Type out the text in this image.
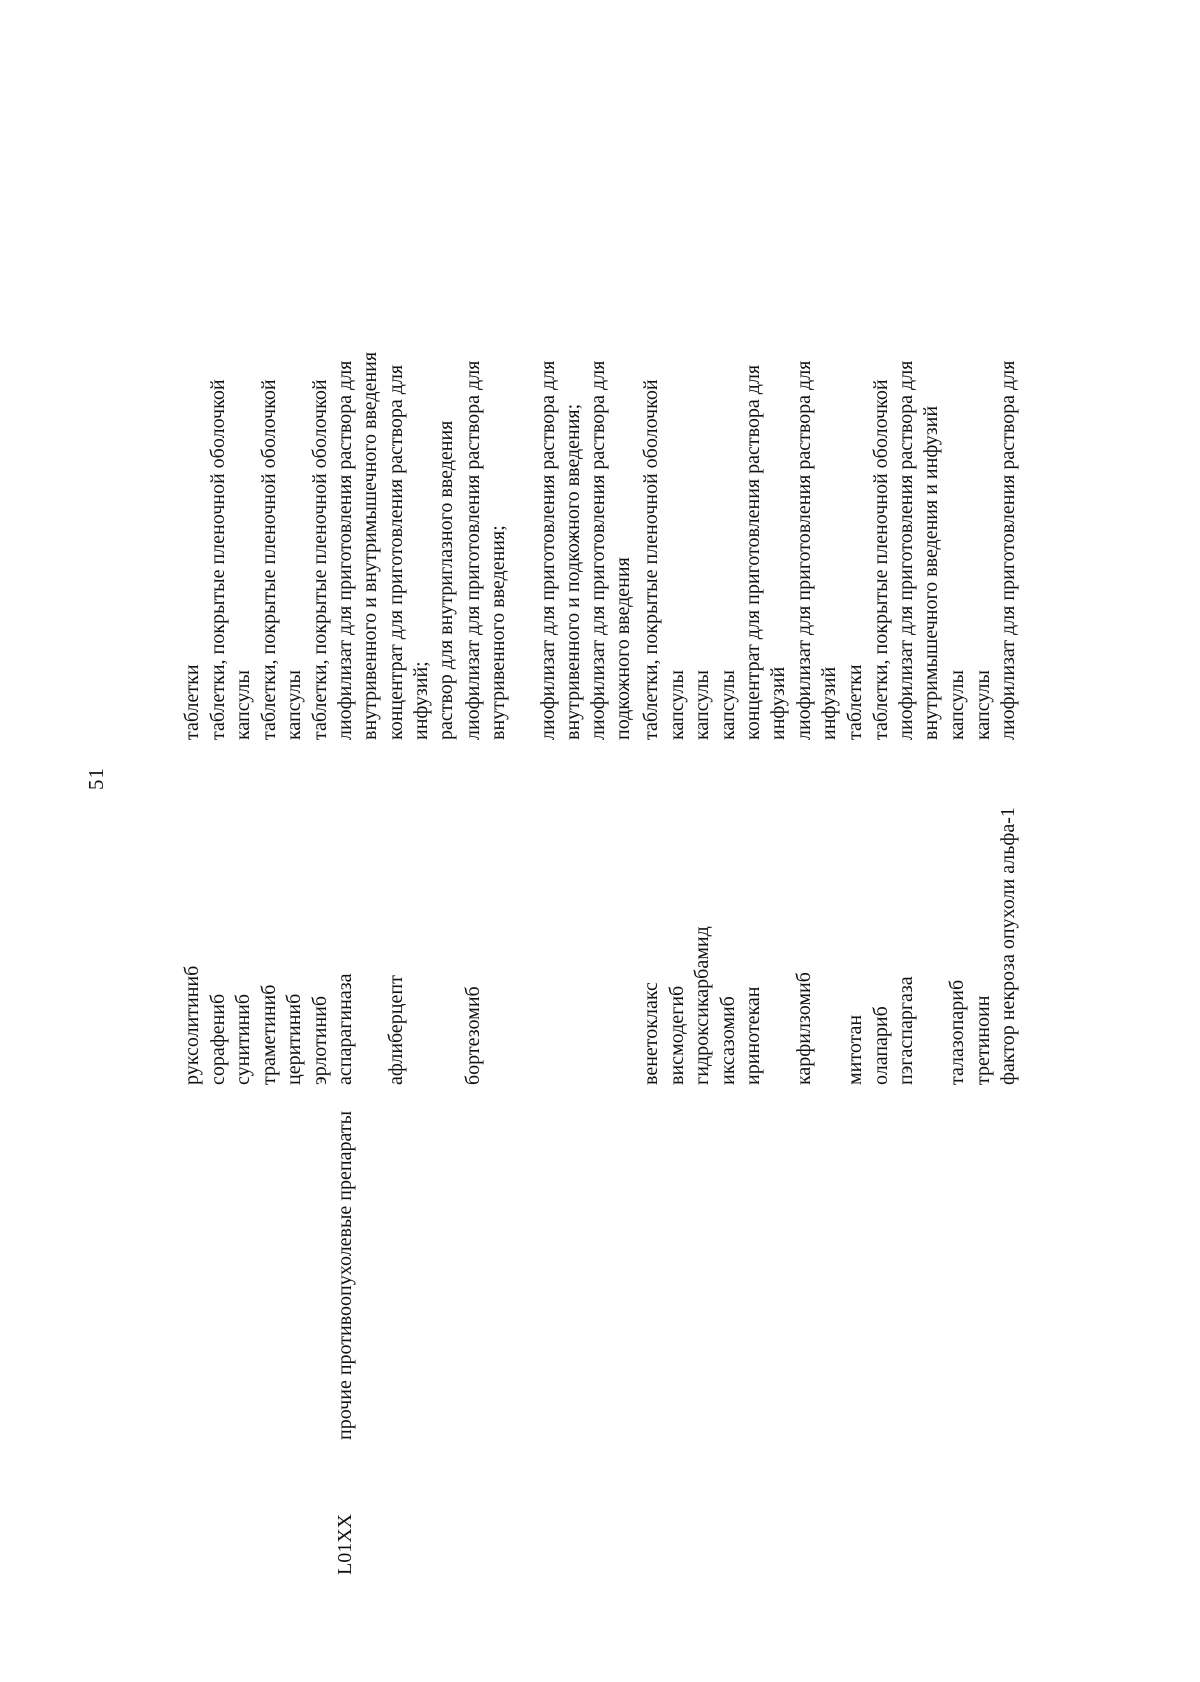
51
руксолитиниб
таблетки
сорафениб
таблетки, покрытые пленочной оболочкой
сунитиниб
капсулы
траметиниб
таблетки, покрытые пленочной оболочкой
церитиниб
капсулы
эрлотиниб
таблетки, покрытые пленочной оболочкой
L01XX
прочие противоопухолевые препараты
аспарагиназа
лиофилизат для приготовления раствора для внутривенного и внутримышечного введения
афлиберцепт
концентрат для приготовления раствора для инфузий; раствор для внутриглазного введения
бортезомиб
лиофилизат для приготовления раствора для внутривенного введения;
лиофилизат для приготовления раствора для внутривенного и подкожного введения; лиофилизат для приготовления раствора для подкожного введения
венетоклакс
таблетки, покрытые пленочной оболочкой
висмодегиб
капсулы
гидроксикарбамид
капсулы
иксазомиб
капсулы
иринотекан
концентрат для приготовления раствора для инфузий
карфилзомиб
лиофилизат для приготовления раствора для инфузий
митотан
таблетки
олапариб
таблетки, покрытые пленочной оболочкой
пэгаспаргаза
лиофилизат для приготовления раствора для внутримышечного введения и инфузий
талазопариб
капсулы
третиноин
капсулы
фактор некроза опухоли альфа-1
лиофилизат для приготовления раствора для
